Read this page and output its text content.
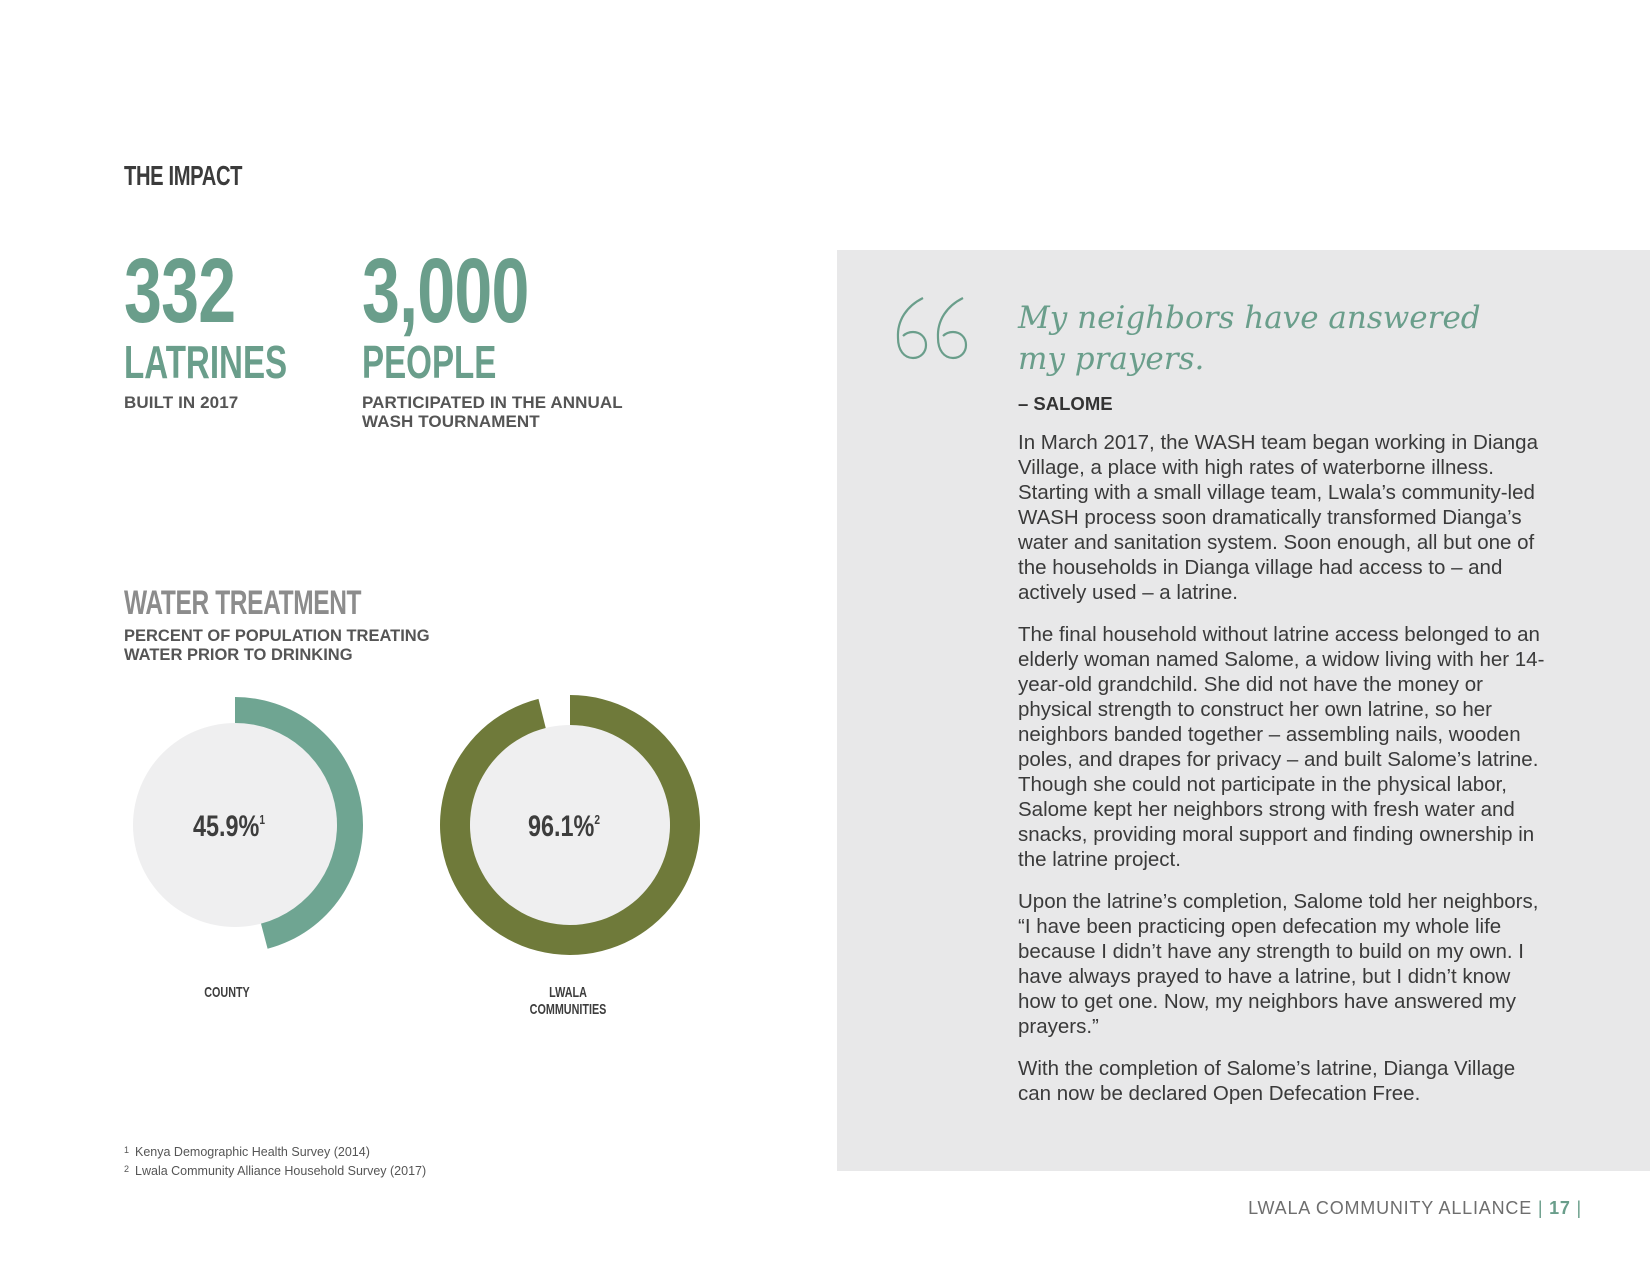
THE IMPACT
332
LATRINES
BUILT IN 2017
3,000
PEOPLE
PARTICIPATED IN THE ANNUAL
WASH TOURNAMENT
WATER TREATMENT
PERCENT OF POPULATION TREATING
WATER PRIOR TO DRINKING
45.9%$^1$
COUNTY
96.1%$^2$
LWALA
COMMUNITIES
$^1$ Kenya Demographic Health Survey (2014)
$^2$ Lwala Community Alliance Household Survey (2017)
My neighbors have answered
my prayers.
– SALOME

In March 2017, the WASH team began working in Dianga Village, a place with high rates of waterborne illness. Starting with a small village team, Lwala’s community-led WASH process soon dramatically transformed Dianga’s water and sanitation system. Soon enough, all but one of the households in Dianga village had access to – and actively used – a latrine.

The final household without latrine access belonged to an elderly woman named Salome, a widow living with her 14-year-old grandchild. She did not have the money or physical strength to construct her own latrine, so her neighbors banded together – assembling nails, wooden poles, and drapes for privacy – and built Salome’s latrine. Though she could not participate in the physical labor, Salome kept her neighbors strong with fresh water and snacks, providing moral support and finding ownership in the latrine project.

Upon the latrine’s completion, Salome told her neighbors, “I have been practicing open defecation my whole life because I didn’t have any strength to build on my own. I have always prayed to have a latrine, but I didn’t know how to get one. Now, my neighbors have answered my prayers.”

With the completion of Salome’s latrine, Dianga Village can now be declared Open Defecation Free.

LWALA COMMUNITY ALLIANCE | 17 |
